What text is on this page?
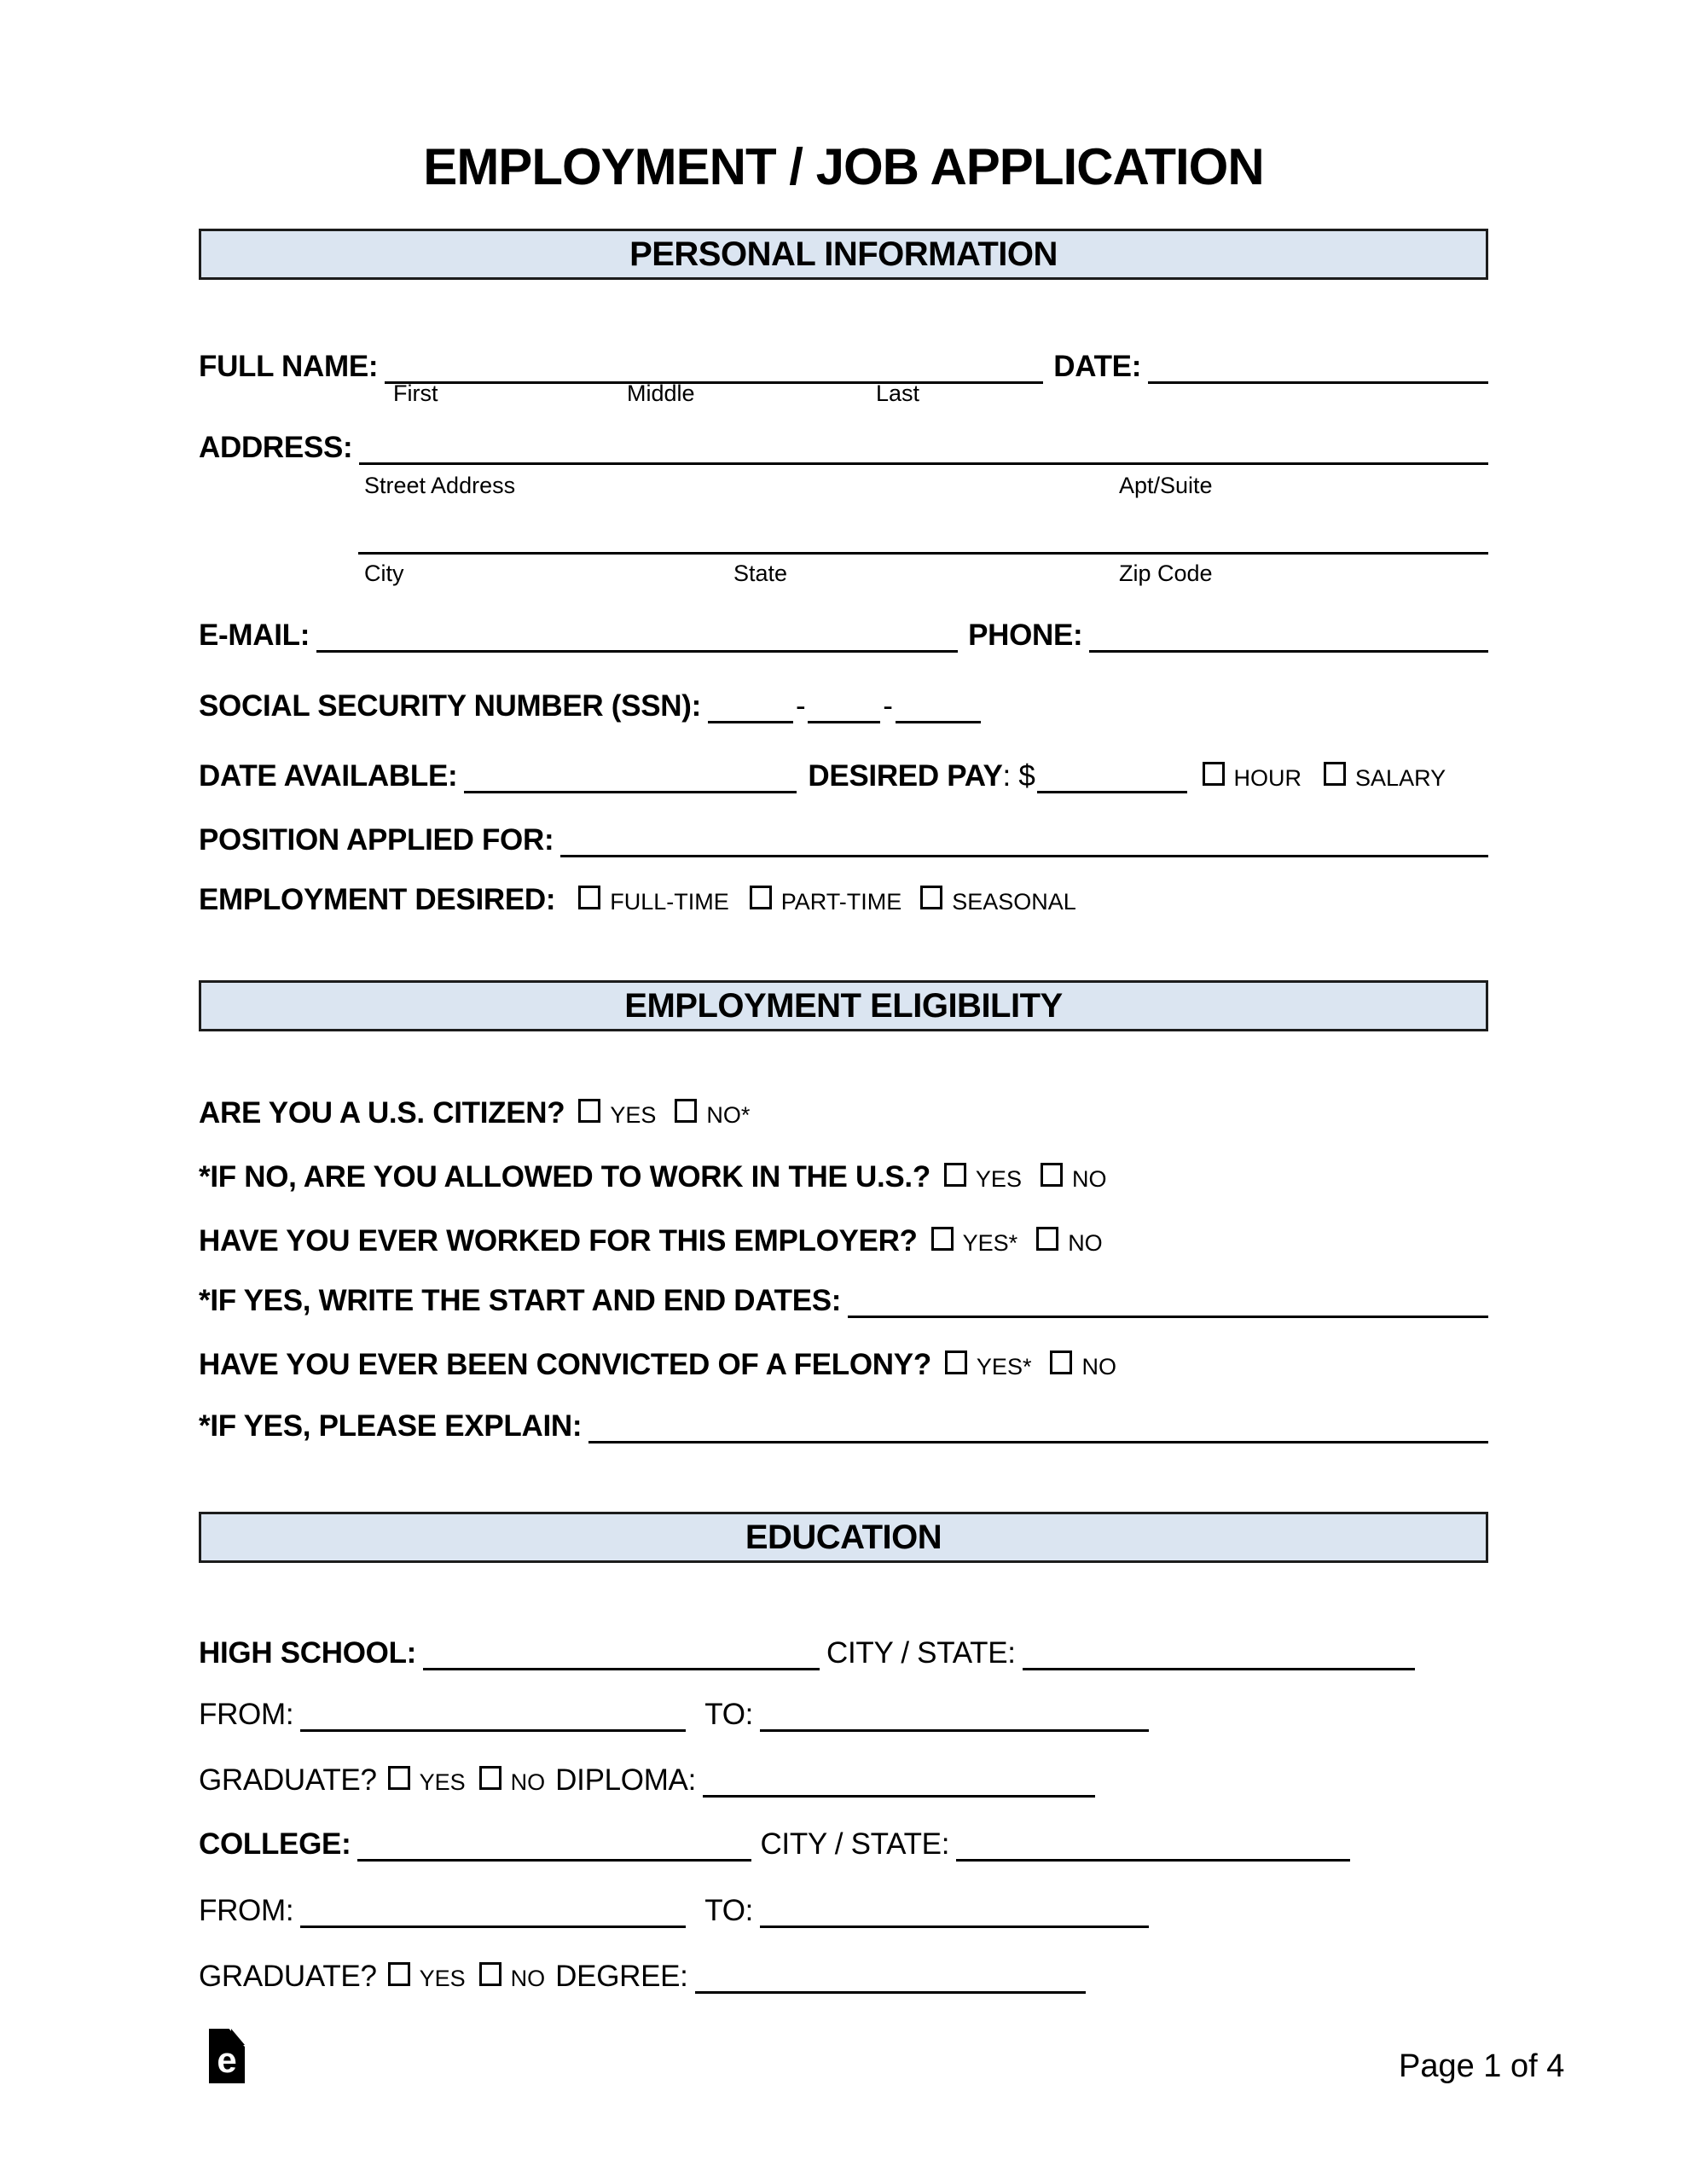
EMPLOYMENT / JOB APPLICATION
PERSONAL INFORMATION
FULL NAME:
	DATE:

First	Middle	Last
ADDRESS:

Street Address	Apt/Suite
City	State	Zip Code
E-MAIL:
	PHONE:

SOCIAL SECURITY NUMBER (SSN):
	-
	-

DATE AVAILABLE:
	DESIRED PAY : $
	HOUR SALARY
POSITION APPLIED FOR:

EMPLOYMENT DESIRED: FULL-TIME PART-TIME SEASONAL
EMPLOYMENT ELIGIBILITY
ARE YOU A U.S. CITIZEN? YES NO*
*IF NO, ARE YOU ALLOWED TO WORK IN THE U.S.? YES NO
HAVE YOU EVER WORKED FOR THIS EMPLOYER? YES* NO
*IF YES, WRITE THE START AND END DATES:

HAVE YOU EVER BEEN CONVICTED OF A FELONY? YES* NO
*IF YES, PLEASE EXPLAIN:

EDUCATION
HIGH SCHOOL:
	CITY / STATE:

FROM:
	TO:

GRADUATE? YES NO DIPLOMA:

COLLEGE:
	CITY / STATE:

FROM:
	TO:

GRADUATE? YES NO DEGREE:

e	Page 1 of 4
